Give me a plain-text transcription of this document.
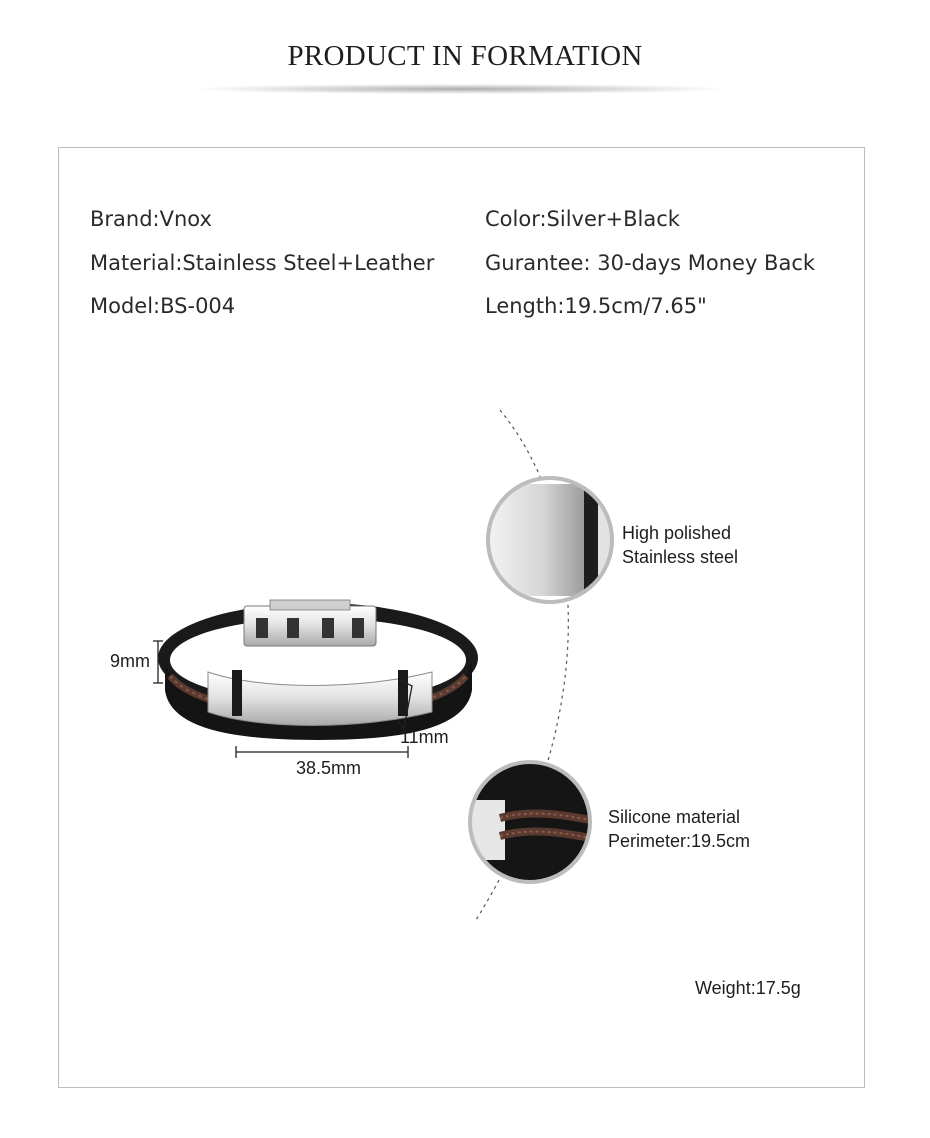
PRODUCT IN FORMATION
Brand:Vnox
Material:Stainless Steel+Leather
Model:BS-004
Color:Silver+Black
Gurantee: 30-days Money Back
Length:19.5cm/7.65"
9mm
38.5mm
11mm
High polished
Stainless steel
Silicone material
Perimeter:19.5cm
Weight:17.5g
